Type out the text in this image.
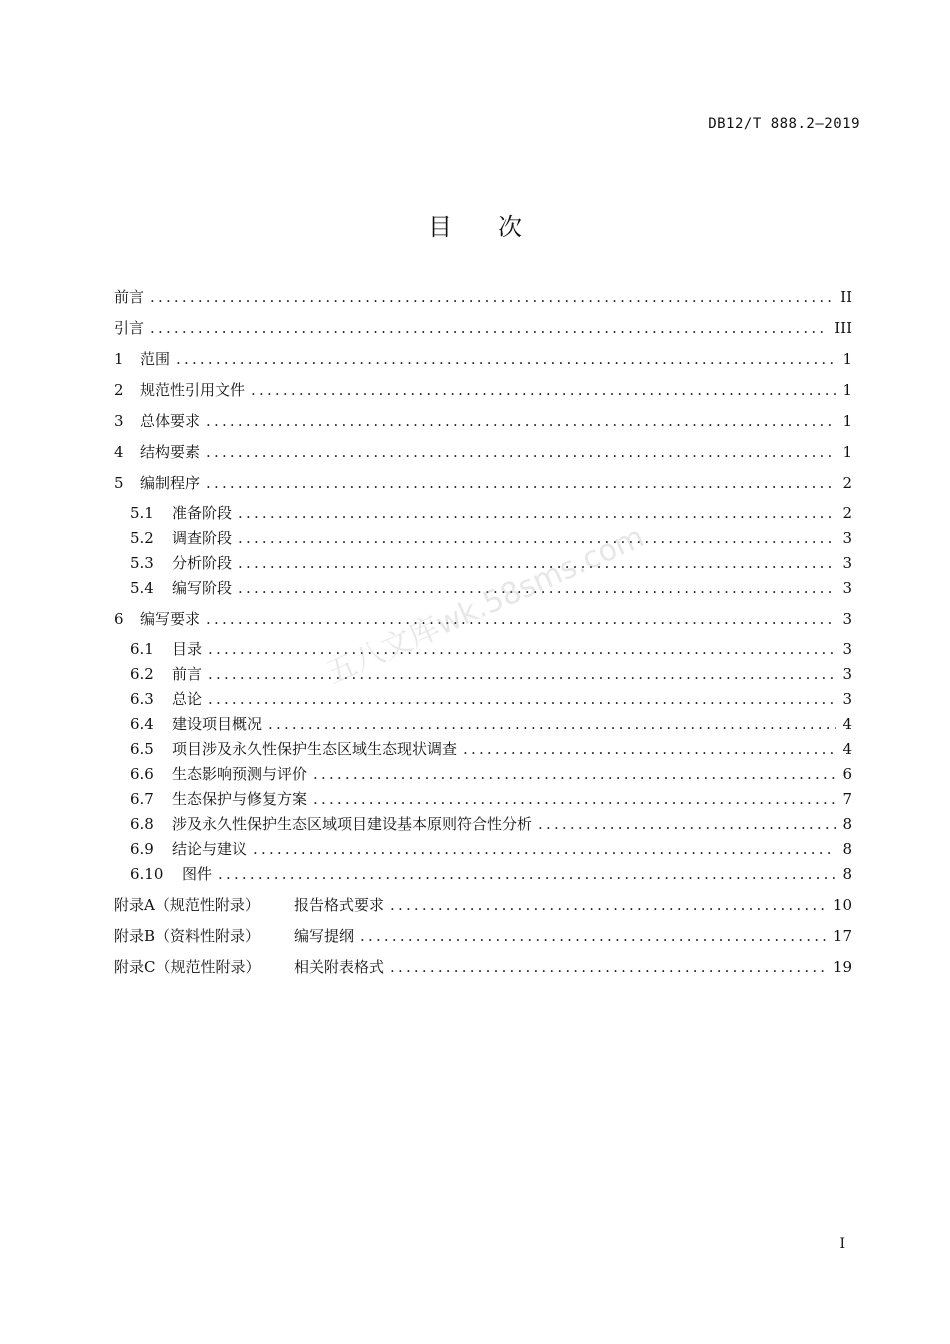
DB12/T 888.2—2019
目次
前言 .....	II
引言 .....	III
1	范围 .....	1
2	规范性引用文件 .....	1
3	总体要求 .....	1
4	结构要素 .....	1
5	编制程序 .....	2
5.1	准备阶段 .....	2
5.2	调查阶段 .....	3
5.3	分析阶段 .....	3
5.4	编写阶段 .....	3
6	编写要求 .....	3
6.1	目录 .....	3
6.2	前言 .....	3
6.3	总论 .....	3
6.4	建设项目概况 .....	4
6.5	项目涉及永久性保护生态区域生态现状调查 .....	4
6.6	生态影响预测与评价 .....	6
6.7	生态保护与修复方案 .....	7
6.8	涉及永久性保护生态区域项目建设基本原则符合性分析 .....	8
6.9	结论与建议 .....	8
6.10	图件 .....	8
附录A（规范性附录）	报告格式要求 .....	10
附录B（资料性附录）	编写提纲 .....	17
附录C（规范性附录）	相关附表格式 .....	19
五八文库wk.58sms.com
I
